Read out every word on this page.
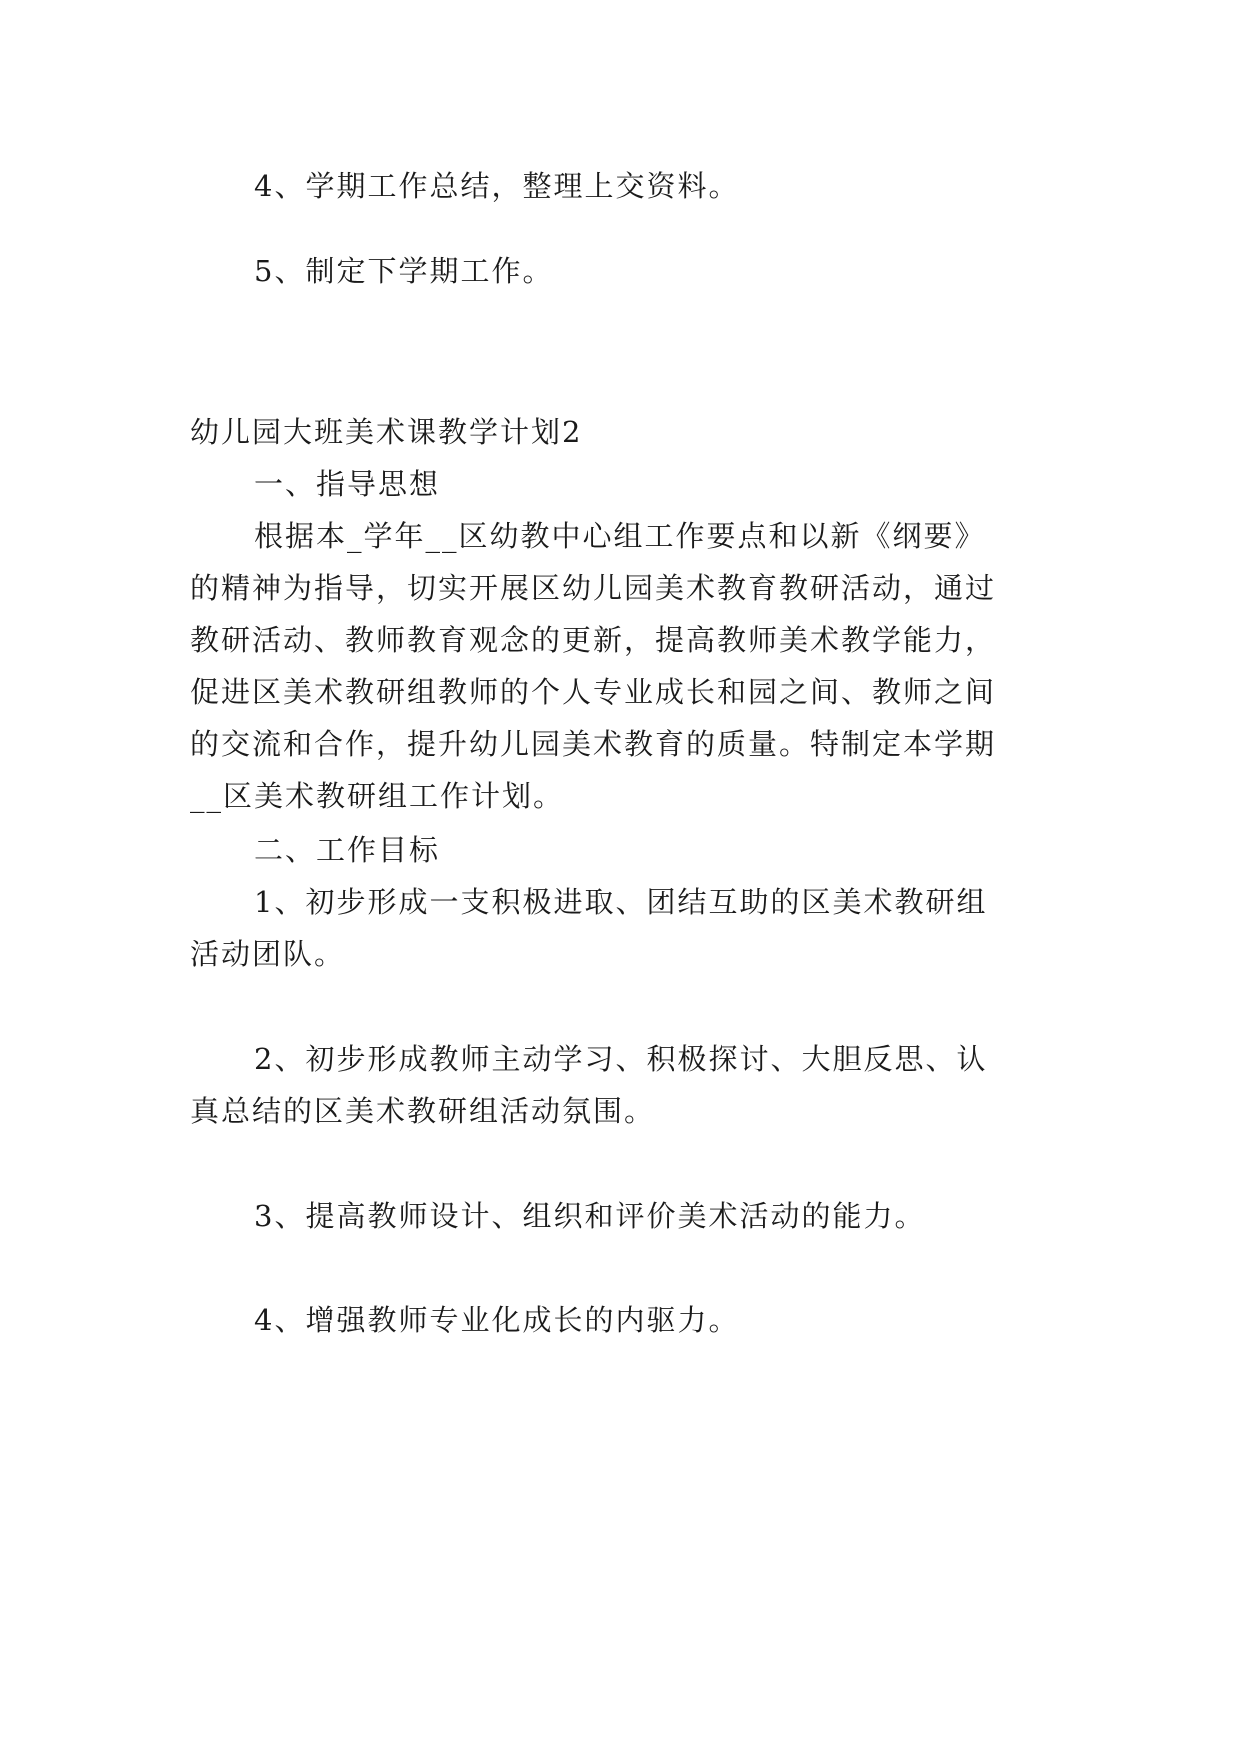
4、学期工作总结，整理上交资料。
5、制定下学期工作。
幼儿园大班美术课教学计划2
一、指导思想
根据本_学年__区幼教中心组工作要点和以新《纲要》
的精神为指导，切实开展区幼儿园美术教育教研活动，通过
教研活动、教师教育观念的更新，提高教师美术教学能力，
促进区美术教研组教师的个人专业成长和园之间、教师之间
的交流和合作，提升幼儿园美术教育的质量。特制定本学期
__区美术教研组工作计划。
二、工作目标
1、初步形成一支积极进取、团结互助的区美术教研组
活动团队。
2、初步形成教师主动学习、积极探讨、大胆反思、认
真总结的区美术教研组活动氛围。
3、提高教师设计、组织和评价美术活动的能力。
4、增强教师专业化成长的内驱力。
